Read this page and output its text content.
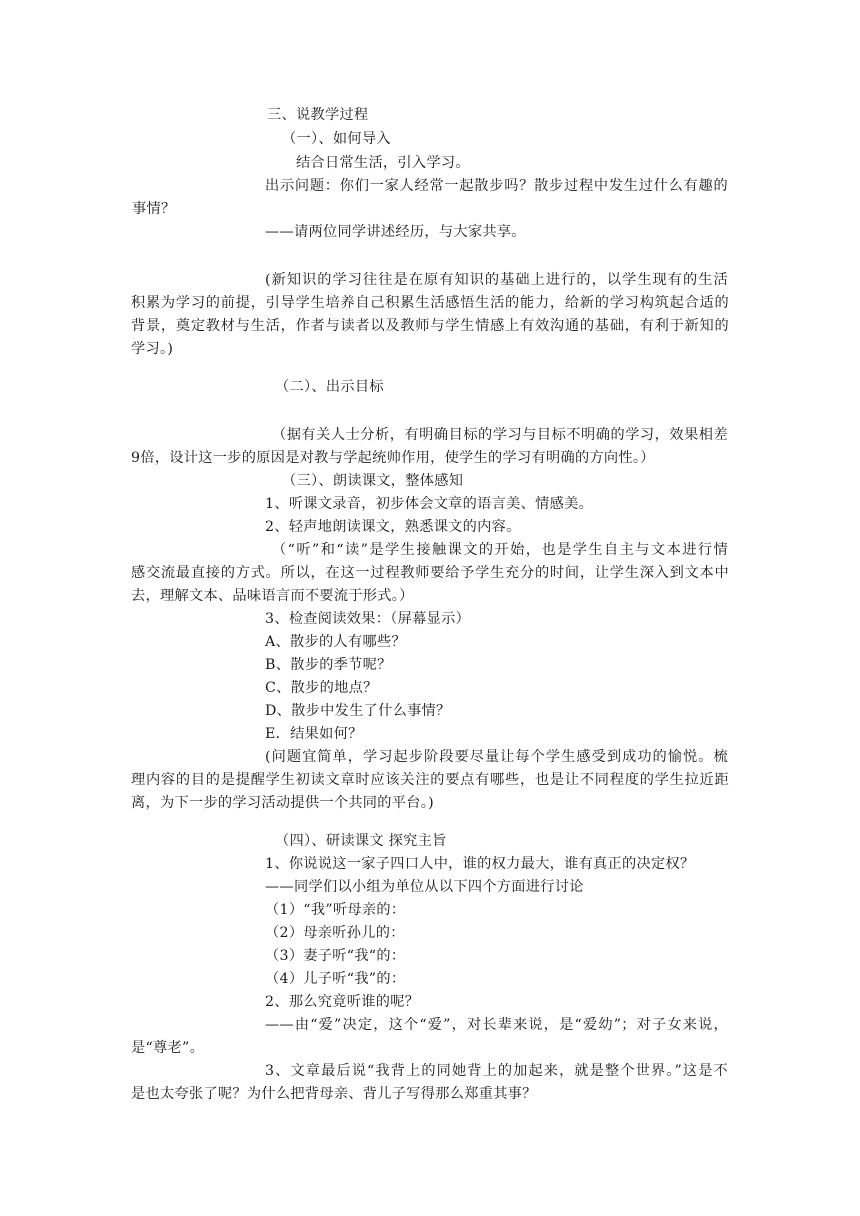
三、说教学过程
（一）、如何导入
结合日常生活，引入学习。
出示问题：你们一家人经常一起散步吗？散步过程中发生过什么有趣的
事情？
——请两位同学讲述经历，与大家共享。
(新知识的学习往往是在原有知识的基础上进行的，以学生现有的生活
积累为学习的前提，引导学生培养自己积累生活感悟生活的能力，给新的学习构筑起合适的
背景，奠定教材与生活，作者与读者以及教师与学生情感上有效沟通的基础，有利于新知的
学习。)
（二）、出示目标
（据有关人士分析，有明确目标的学习与目标不明确的学习，效果相差
9倍，设计这一步的原因是对教与学起统帅作用，使学生的学习有明确的方向性。）
（三）、朗读课文，整体感知
1、听课文录音，初步体会文章的语言美、情感美。
2、轻声地朗读课文，熟悉课文的内容。
（“听”和“读”是学生接触课文的开始，也是学生自主与文本进行情
感交流最直接的方式。所以，在这一过程教师要给予学生充分的时间，让学生深入到文本中
去，理解文本、品味语言而不要流于形式。）
3、检查阅读效果：（屏幕显示）
A、散步的人有哪些？
B、散步的季节呢？
C、散步的地点？
D、散步中发生了什么事情？
E．结果如何？
(问题宜简单，学习起步阶段要尽量让每个学生感受到成功的愉悦。梳
理内容的目的是提醒学生初读文章时应该关注的要点有哪些，也是让不同程度的学生拉近距
离，为下一步的学习活动提供一个共同的平台。)
（四）、研读课文 探究主旨
1、你说说这一家子四口人中，谁的权力最大，谁有真正的决定权？
——同学们以小组为单位从以下四个方面进行讨论
（1）“我”听母亲的：
（2）母亲听孙儿的：
（3）妻子听“我“的：
（4）儿子听“我”的：
2、那么究竟听谁的呢？
——由“爱”决定，这个“爱”，对长辈来说，是“爱幼”；对子女来说，
是“尊老”。
3、文章最后说“我背上的同她背上的加起来，就是整个世界。”这是不
是也太夸张了呢？为什么把背母亲、背儿子写得那么郑重其事？
